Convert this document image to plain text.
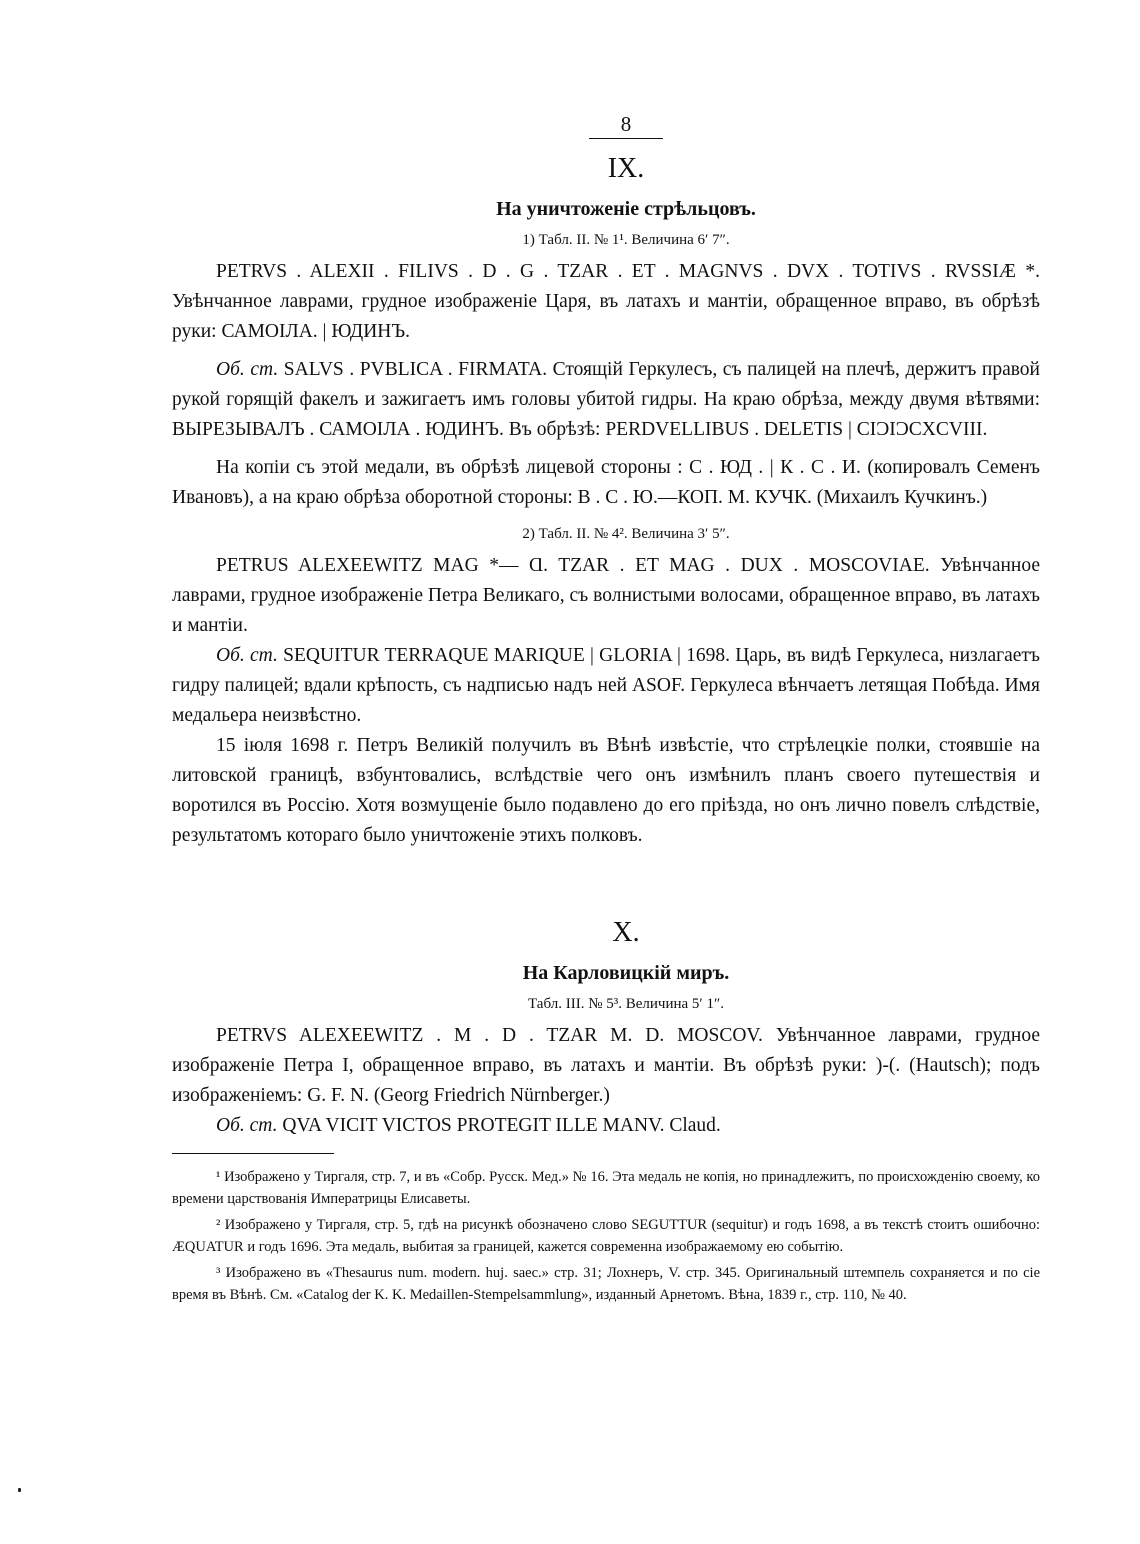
8
IX.
На уничтоженіе стрѣльцовъ.
1) Табл. II. № 1¹. Величина 6′ 7″.

PETRVS . ALEXII . FILIVS . D . G . TZAR . ET . MAGNVS . DVX . TOTIVS . RVSSIÆ *. Увѣнчанное лаврами, грудное изображеніе Царя, въ латахъ и мантіи, обращенное вправо, въ обрѣзѣ руки: САМОІЛА. | ЮДИНЪ.

Об. ст. SALVS . PVBLICA . FIRMATA. Стоящій Геркулесъ, съ палицей на плечѣ, держитъ правой рукой горящій факелъ и зажигаетъ имъ головы убитой гидры. На краю обрѣза, между двумя вѣтвями: ВЫРЕЗЫВАЛЪ . САМОІЛА . ЮДИНЪ. Въ обрѣзѣ: PERDVELLIBUS . DELETIS | CIƆIƆCXCVIII.

На копіи съ этой медали, въ обрѣзѣ лицевой стороны : С . ЮД . | К . С . И. (копировалъ Семенъ Ивановъ), а на краю обрѣза оборотной стороны: В . С . Ю.—КОП. М. КУЧК. (Михаилъ Кучкинъ.)

2) Табл. II. № 4². Величина 3′ 5″.

PETRUS ALEXEEWITZ MAG *— Ɑ. TZAR . ET MAG . DUX . MOSCOVIAE. Увѣнчанное лаврами, грудное изображеніе Петра Великаго, съ волнистыми волосами, обращенное вправо, въ латахъ и мантіи.

Об. ст. SEQUITUR TERRAQUE MARIQUE | GLORIA | 1698. Царь, въ видѣ Геркулеса, низлагаетъ гидру палицей; вдали крѣпость, съ надписью надъ ней ASOF. Геркулеса вѣнчаетъ летящая Побѣда. Имя медальера неизвѣстно.

15 іюля 1698 г. Петръ Великій получилъ въ Вѣнѣ извѣстіе, что стрѣлецкіе полки, стоявшіе на литовской границѣ, взбунтовались, вслѣдствіе чего онъ измѣнилъ планъ своего путешествія и воротился въ Россію. Хотя возмущеніе было подавлено до его пріѣзда, но онъ лично повелъ слѣдствіе, результатомъ котораго было уничтоженіе этихъ полковъ.

X.
На Карловицкій миръ.
Табл. III. № 5³. Величина 5′ 1″.

PETRVS ALEXEEWITZ . M . D . TZAR M. D. MOSCOV. Увѣнчанное лаврами, грудное изображеніе Петра I, обращенное вправо, въ латахъ и мантіи. Въ обрѣзѣ руки: )-(. (Hautsch); подъ изображеніемъ: G. F. N. (Georg Friedrich Nürnberger.)

Об. ст. QVA VICIT VICTOS PROTEGIT ILLE MANV. Claud.

¹ Изображено у Тиргаля, стр. 7, и въ «Собр. Русск. Мед.» № 16. Эта медаль не копія, но принадлежитъ, по происхожденію своему, ко времени царствованія Императрицы Елисаветы.

² Изображено у Тиргаля, стр. 5, гдѣ на рисункѣ обозначено слово SEGUTTUR (sequitur) и годъ 1698, а въ текстѣ стоитъ ошибочно: ÆQUATUR и годъ 1696. Эта медаль, выбитая за границей, кажется современна изображаемому ею событію.

³ Изображено въ «Thesaurus num. modern. huj. saec.» стр. 31; Лохнеръ, V. стр. 345. Оригинальный штемпель сохраняется и по сіе время въ Вѣнѣ. См. «Catalog der K. K. Medaillen-Stempelsammlung», изданный Арнетомъ. Вѣна, 1839 г., стр. 110, № 40.
